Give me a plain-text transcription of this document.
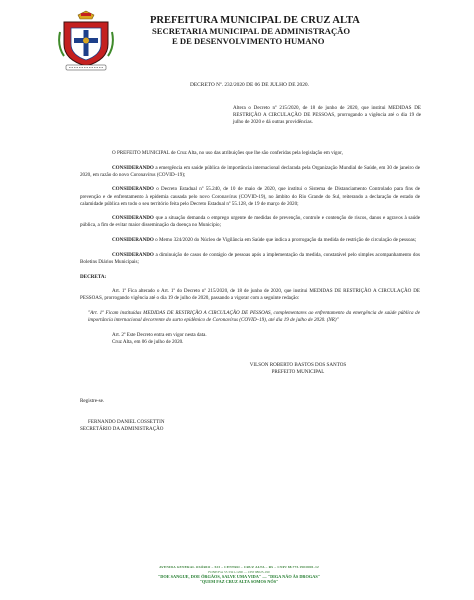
PREFEITURA MUNICIPAL DE CRUZ ALTA
SECRETARIA MUNICIPAL DE ADMINISTRAÇÃO
E DE DESENVOLVIMENTO HUMANO
DECRETO Nº. 232/2020 DE 06 DE JULHO DE 2020.
Altera o Decreto nº 215/2020, de 18 de junho de 2020, que institui MEDIDAS DE RESTRIÇÃO A CIRCULAÇÃO DE PESSOAS, prorrogando a vigência até o dia 19 de julho de 2020 e dá outras providências.

O PREFEITO MUNICIPAL de Cruz Alta, no uso das atribuições que lhe são conferidas pela legislação em vigor,

CONSIDERANDO a emergência em saúde pública de importância internacional declarada pela Organização Mundial de Saúde, em 30 de janeiro de 2020, em razão do novo Coronavírus (COVID–19);

CONSIDERANDO o Decreto Estadual nº 55.240, de 10 de maio de 2020, que institui o Sistema de Distanciamento Controlado para fins de prevenção e de enfrentamento à epidemia causada pelo novo Coronavírus (COVID-19), no âmbito do Rio Grande do Sul, reiterando a declaração de estado de calamidade pública em todo o seu território feita pelo Decreto Estadual nº 55.128, de 19 de março de 2020;

CONSIDERANDO que a situação demanda o emprego urgente de medidas de prevenção, controle e contenção de riscos, danos e agravos à saúde pública, a fim de evitar maior disseminação da doença no Município;

CONSIDERANDO o Memo 324/2020 do Núcleo de Vigilância em Saúde que indica a prorrogação da medida de restrição de circulação de pessoas;

CONSIDERANDO a diminuição de casos de contágio de pessoas após a implementação da medida, constatável pelo simples acompanhamento dos Boletins Diários Municipais;

DECRETA:

Art. 1º Fica alterado o Art. 1º do Decreto nº 215/2020, de 18 de junho de 2020, que institui MEDIDAS DE RESTRIÇÃO A CIRCULAÇÃO DE PESSOAS, prorrogando vigência até o dia 19 de julho de 2020, passando a vigorar com a seguinte redação:

"Art. 1º Ficam instituídas MEDIDAS DE RESTRIÇÃO A CIRCULAÇÃO DE PESSOAS, complementares ao enfrentamento da emergência de saúde pública de importância internacional decorrente do surto epidêmico de Coronavírus (COVID–19), até dia 19 de julho de 2020. (NR)"

Art. 2º Este Decreto entra em vigor nesta data.

Cruz Alta, em 06 de julho de 2020.

VILSON ROBERTO BASTOS DOS SANTOS
PREFEITO MUNICIPAL
Registre-se.
FERNANDO DANIEL COSSETTIN
SECRETÁRIO DA ADMINISTRAÇÃO
AVENIDA GENERAL OSÓRIO – 523 – CENTRO – CRUZ ALTA – RS – CNPJ 88.775.190/0001-12
FONE/Fax 55 3321-1200 — CEP 98025-190
"DOE SANGUE, DOE ÓRGÃOS, SALVE UMA VIDA" — "DIGA NÃO ÀS DROGAS"
"QUEM FAZ CRUZ ALTA SOMOS NÓS"
